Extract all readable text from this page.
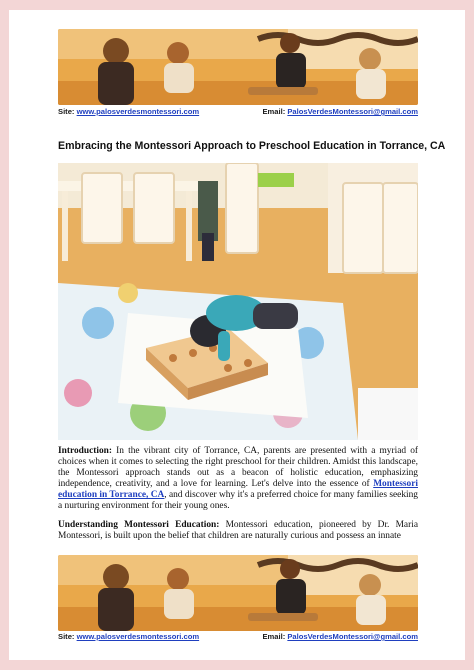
Site: www.palosverdesmontessori.com	Email: PalosVerdesMontessori@gmail.com
Embracing the Montessori Approach to Preschool Education in Torrance, CA

Introduction: In the vibrant city of Torrance, CA, parents are presented with a myriad of choices when it comes to selecting the right preschool for their children. Amidst this landscape, the Montessori approach stands out as a beacon of holistic education, emphasizing independence, creativity, and a love for learning. Let's delve into the essence of Montessori education in Torrance, CA, and discover why it's a preferred choice for many families seeking a nurturing environment for their young ones.

Understanding Montessori Education: Montessori education, pioneered by Dr. Maria Montessori, is built upon the belief that children are naturally curious and possess an innate

Site: www.palosverdesmontessori.com	Email: PalosVerdesMontessori@gmail.com
